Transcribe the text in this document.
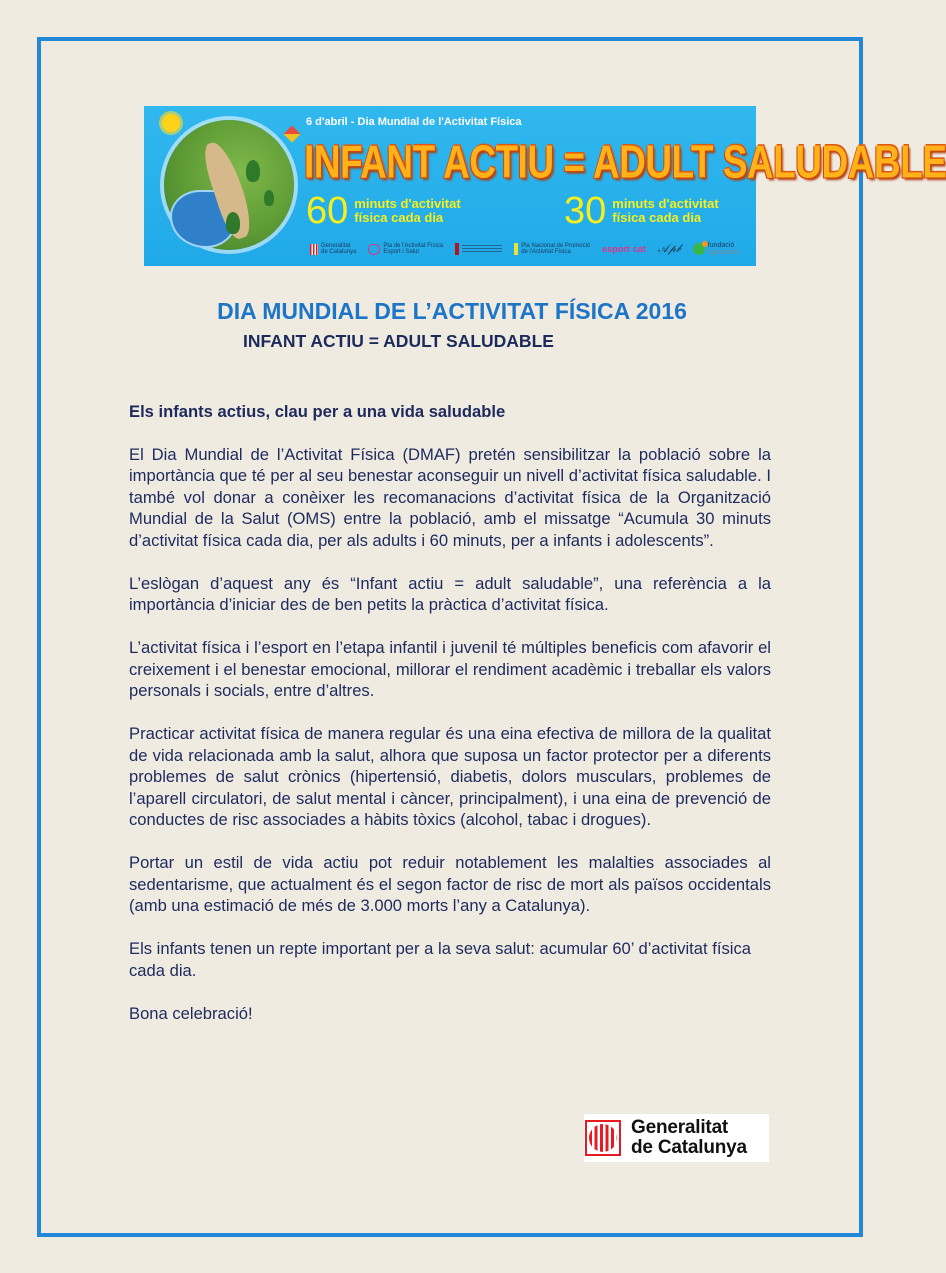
6 d'abril - Dia Mundial de l'Activitat Física
INFANT ACTIU = ADULT SALUDABLE
60 minuts d'activitat
física cada dia	30 minuts d'activitat
física cada dia
Generalitat
de Catalunya
Pla de l'Activitat Física
Esport i Salut
Pla Nacional de Promoció
de l'Activitat Física	esport cat 𝒜𝓅𝒷	fundació
agrupació
DIA MUNDIAL DE L’ACTIVITAT FÍSICA 2016
INFANT ACTIU = ADULT SALUDABLE

Els infants actius, clau per a una vida saludable

El Dia Mundial de l’Activitat Física (DMAF) pretén sensibilitzar la població sobre la importància que té per al seu benestar aconseguir un nivell d’activitat física saludable. I també vol donar a conèixer les recomanacions d’activitat física de la Organització Mundial de la Salut (OMS) entre la població, amb el missatge “Acumula 30 minuts d’activitat física cada dia, per als adults i 60 minuts, per a infants i adolescents”.

L’eslògan d’aquest any és “Infant actiu = adult saludable”, una referència a la importància d’iniciar des de ben petits la pràctica d’activitat física.

L’activitat física i l’esport en l’etapa infantil i juvenil té múltiples beneficis com afavorir el creixement i el benestar emocional, millorar el rendiment acadèmic i treballar els valors personals i socials, entre d’altres.

Practicar activitat física de manera regular és una eina efectiva de millora de la qualitat de vida relacionada amb la salut, alhora que suposa un factor protector per a diferents problemes de salut crònics (hipertensió, diabetis, dolors musculars, problemes de l’aparell circulatori, de salut mental i càncer, principalment), i una eina de prevenció de conductes de risc associades a hàbits tòxics (alcohol, tabac i drogues).

Portar un estil de vida actiu pot reduir notablement les malalties associades al sedentarisme, que actualment és el segon factor de risc de mort als països occidentals (amb una estimació de més de 3.000 morts l’any a Catalunya).

Els infants tenen un repte important per a la seva salut: acumular 60’ d’activitat física cada dia.

Bona celebració!

Generalitat
de Catalunya
